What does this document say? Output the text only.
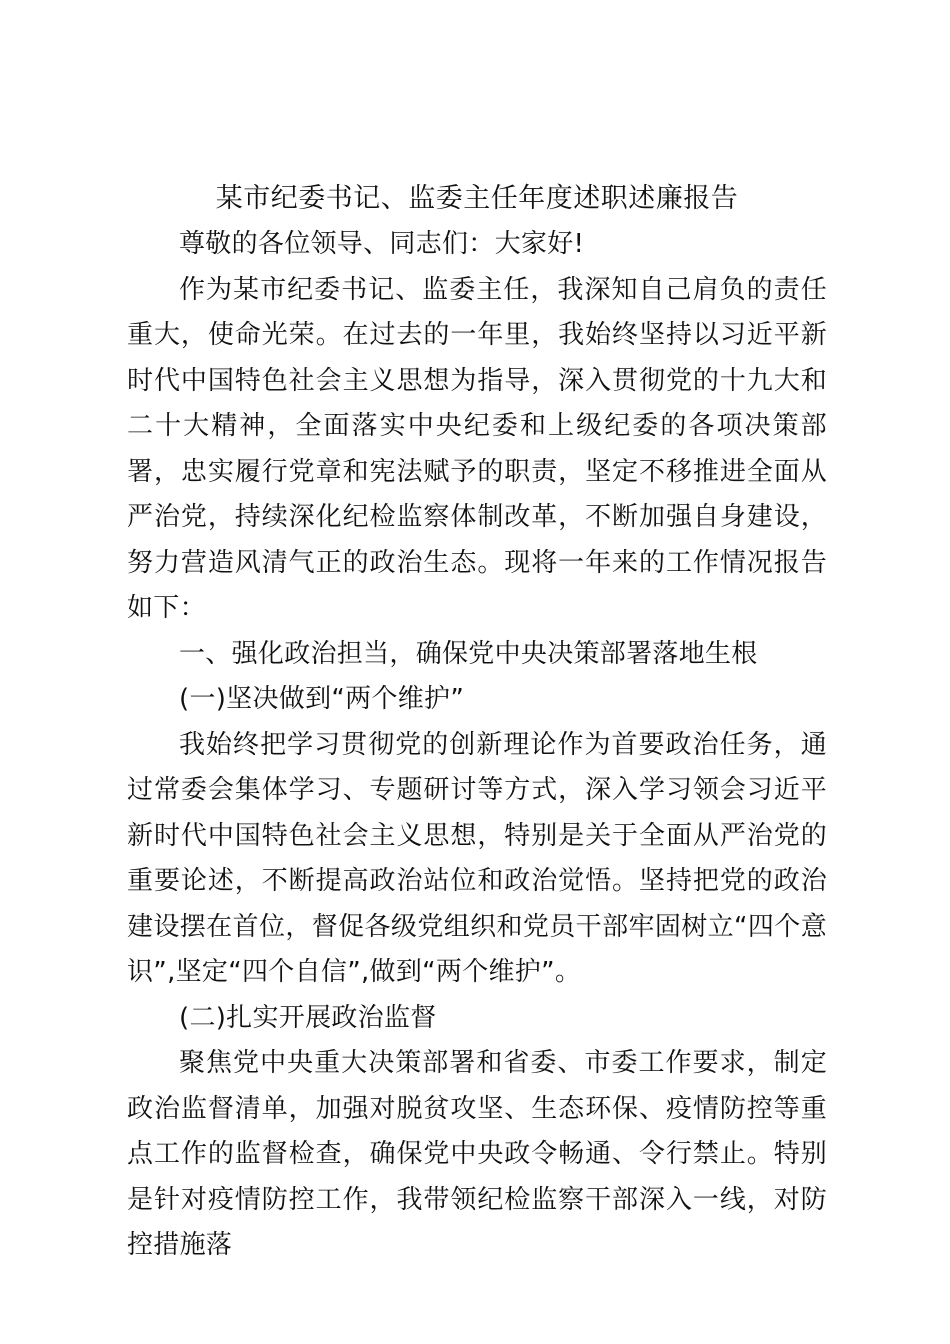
某市纪委书记、监委主任年度述职述廉报告

尊敬的各位领导、同志们：大家好!

作为某市纪委书记、监委主任，我深知自己肩负的责任重大，使命光荣。在过去的一年里，我始终坚持以习近平新时代中国特色社会主义思想为指导，深入贯彻党的十九大和二十大精神，全面落实中央纪委和上级纪委的各项决策部署，忠实履行党章和宪法赋予的职责，坚定不移推进全面从严治党，持续深化纪检监察体制改革，不断加强自身建设，努力营造风清气正的政治生态。现将一年来的工作情况报告如下：

一、强化政治担当，确保党中央决策部署落地生根

(一)坚决做到“两个维护”

我始终把学习贯彻党的创新理论作为首要政治任务，通过常委会集体学习、专题研讨等方式，深入学习领会习近平新时代中国特色社会主义思想，特别是关于全面从严治党的重要论述，不断提高政治站位和政治觉悟。坚持把党的政治建设摆在首位，督促各级党组织和党员干部牢固树立“四个意识”,坚定“四个自信”,做到“两个维护”。

(二)扎实开展政治监督

聚焦党中央重大决策部署和省委、市委工作要求，制定政治监督清单，加强对脱贫攻坚、生态环保、疫情防控等重点工作的监督检查，确保党中央政令畅通、令行禁止。特别是针对疫情防控工作，我带领纪检监察干部深入一线，对防控措施落
